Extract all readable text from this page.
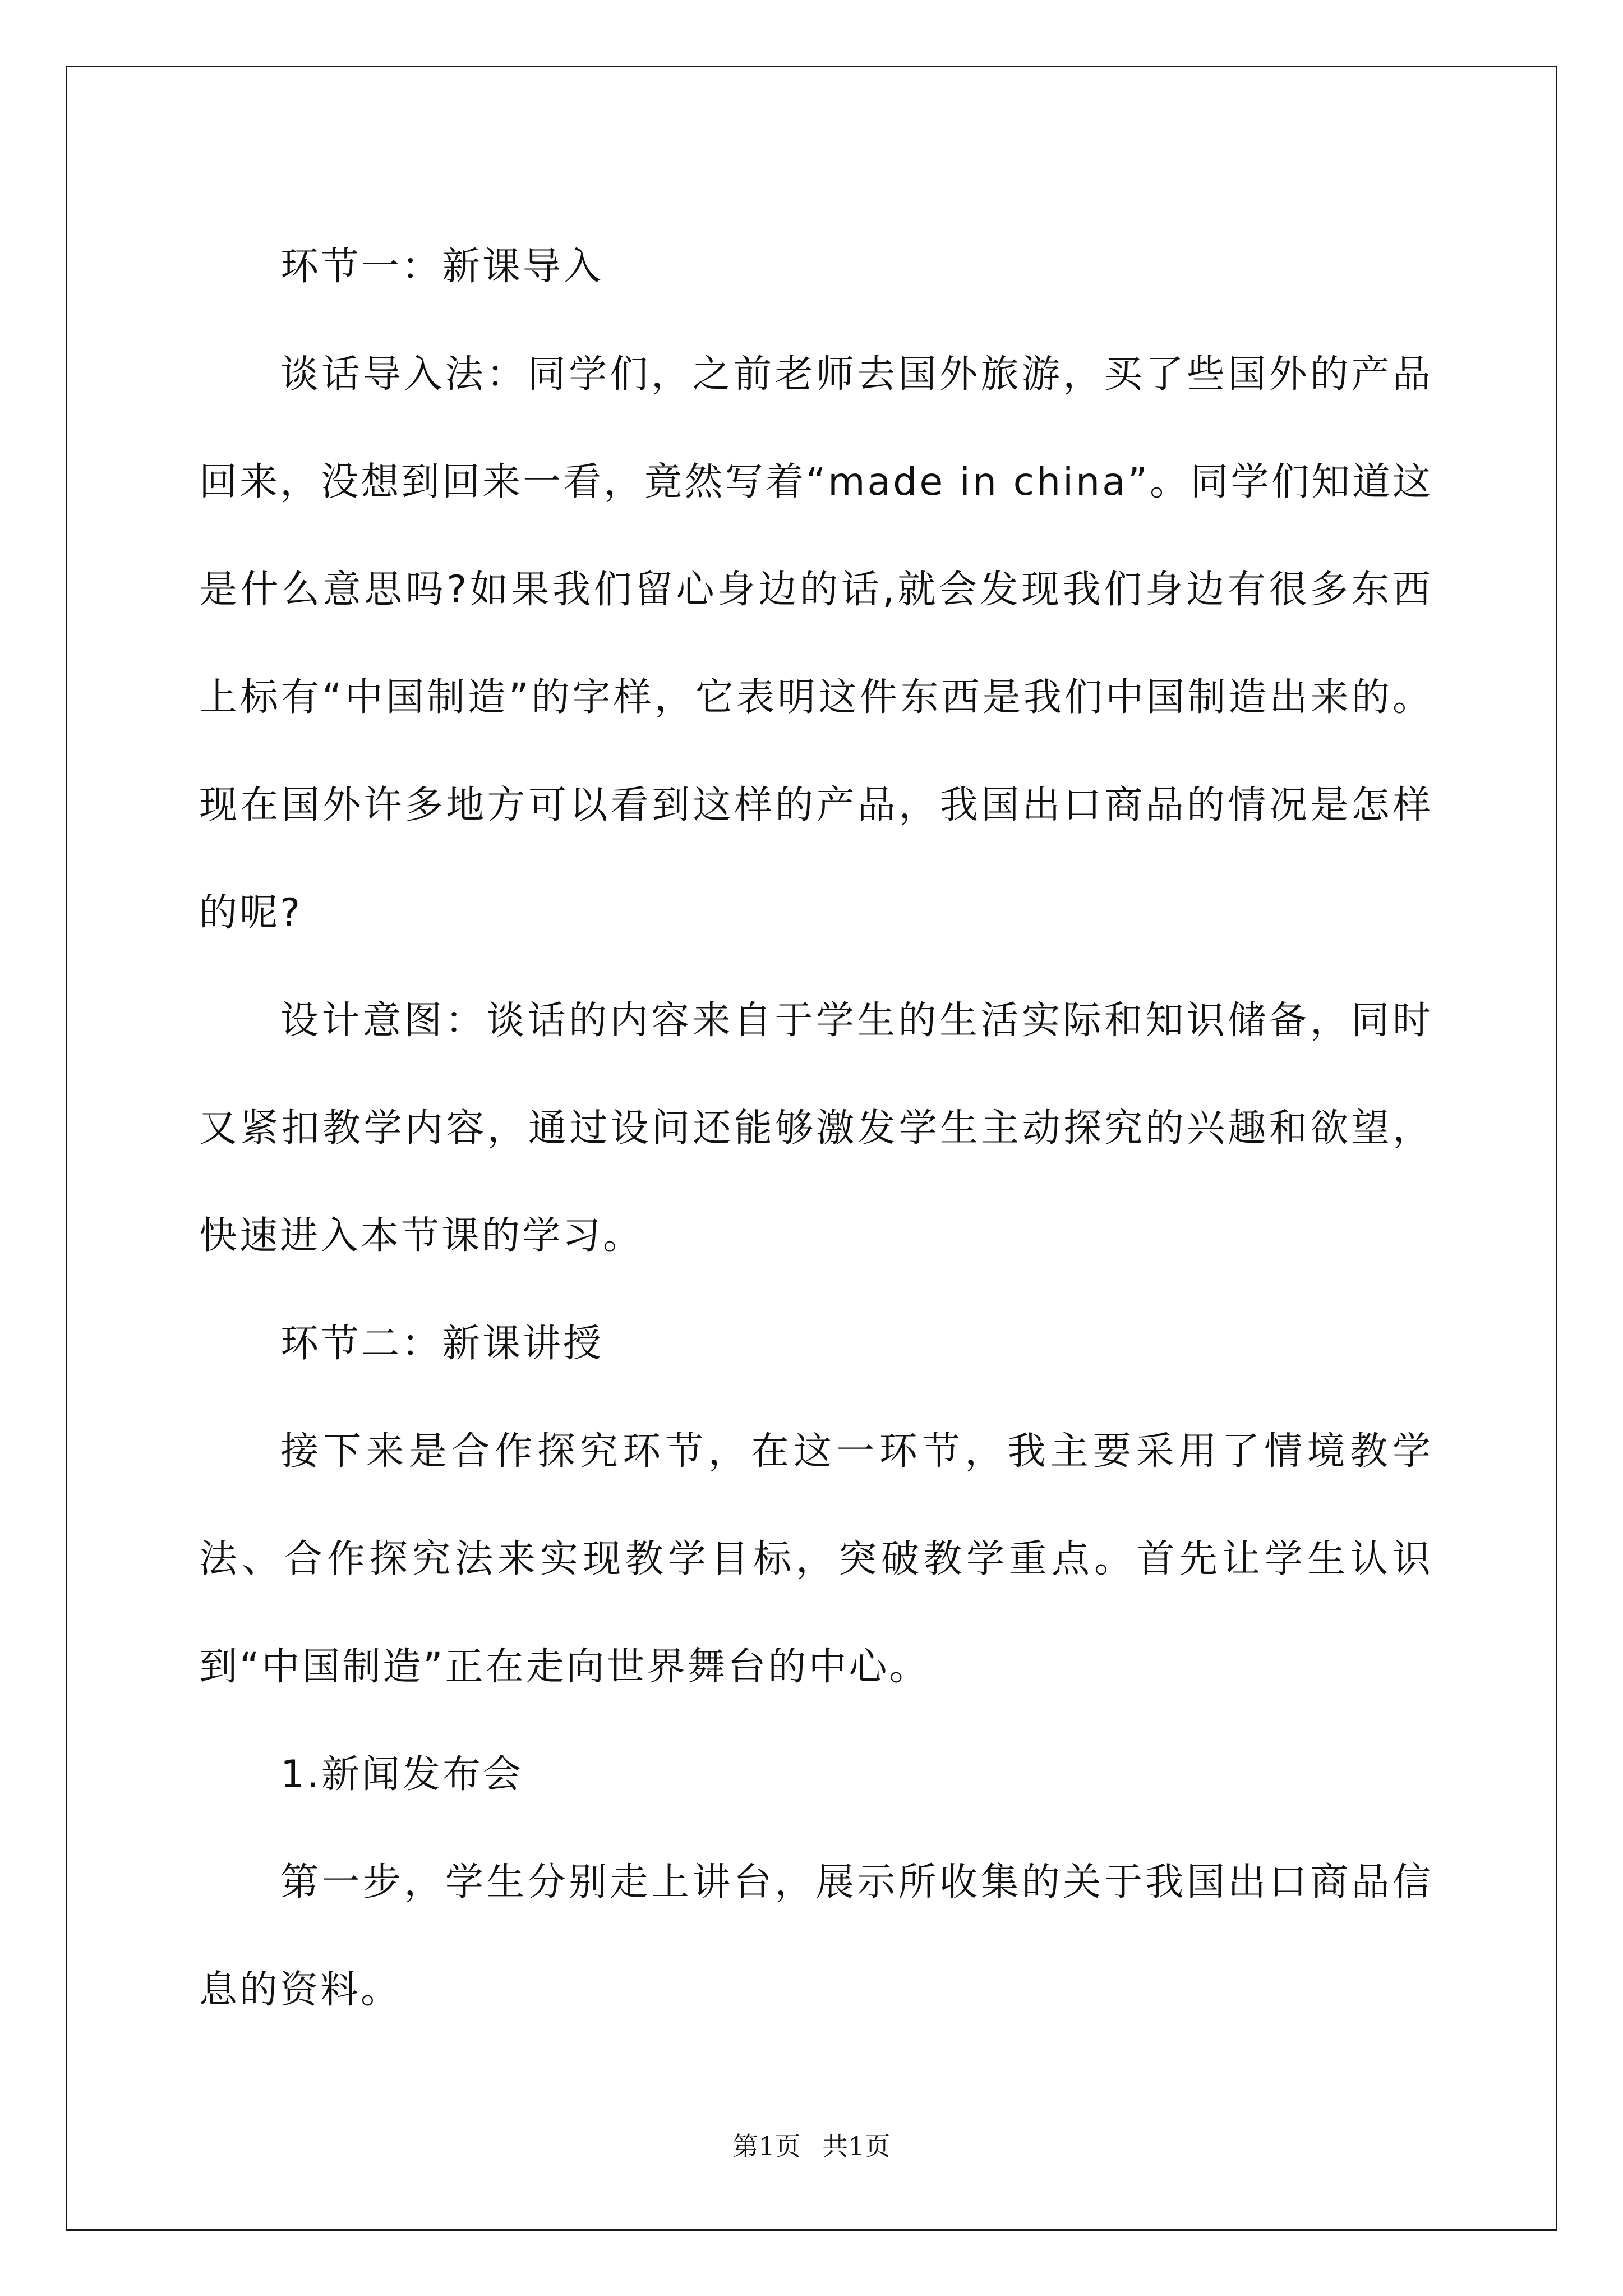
环节一：新课导入

谈话导入法：同学们，之前老师去国外旅游，买了些国外的产品回来，没想到回来一看，竟然写着“made in china”。同学们知道这是什么意思吗?如果我们留心身边的话,就会发现我们身边有很多东西上标有“中国制造”的字样，它表明这件东西是我们中国制造出来的。现在国外许多地方可以看到这样的产品，我国出口商品的情况是怎样的呢?

设计意图：谈话的内容来自于学生的生活实际和知识储备，同时又紧扣教学内容，通过设问还能够激发学生主动探究的兴趣和欲望，快速进入本节课的学习。

环节二：新课讲授

接下来是合作探究环节，在这一环节，我主要采用了情境教学法、合作探究法来实现教学目标，突破教学重点。首先让学生认识到“中国制造”正在走向世界舞台的中心。

1.新闻发布会

第一步，学生分别走上讲台，展示所收集的关于我国出口商品信息的资料。

第1页 共1页
